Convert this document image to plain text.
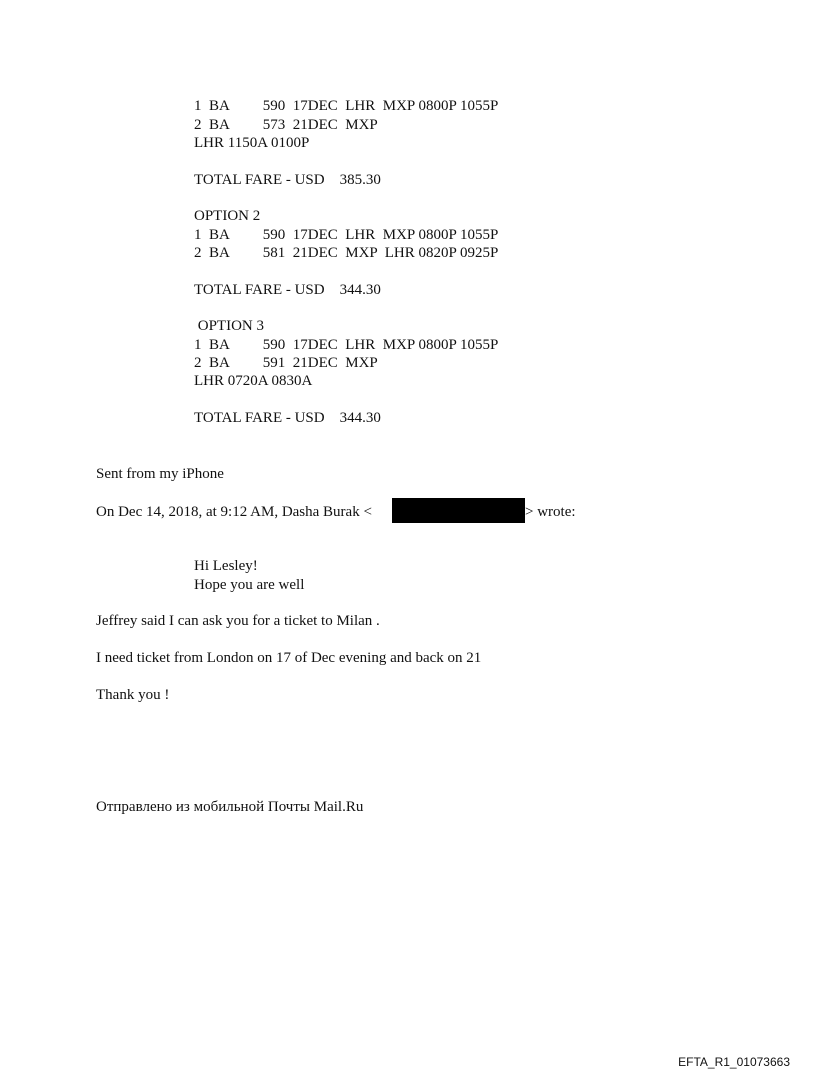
1  BA         590  17DEC  LHR  MXP 0800P 1055P
2  BA         573  21DEC  MXP
LHR 1150A 0100P
TOTAL FARE - USD    385.30
OPTION 2
1  BA         590  17DEC  LHR  MXP 0800P 1055P
2  BA         581  21DEC  MXP  LHR 0820P 0925P
TOTAL FARE - USD    344.30
OPTION 3
1  BA         590  17DEC  LHR  MXP 0800P 1055P
2  BA         591  21DEC  MXP
LHR 0720A 0830A
TOTAL FARE - USD    344.30
Sent from my iPhone
On Dec 14, 2018, at 9:12 AM, Dasha Burak <	> wrote:
Hi Lesley!
Hope you are well
Jeffrey said I can ask you for a ticket to Milan .
I need ticket from London on 17 of Dec evening and back on 21
Thank you !
Отправлено из мобильной Почты Mail.Ru
EFTA_R1_01073663
